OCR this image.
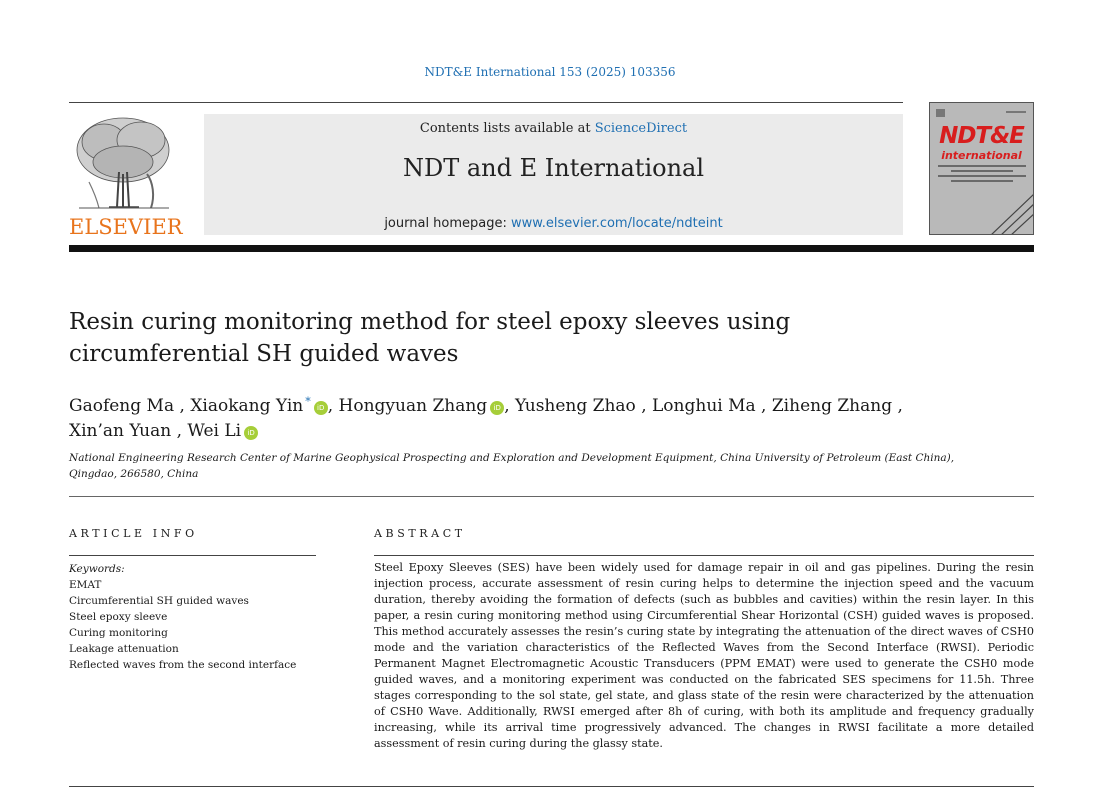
NDT&E International 153 (2025) 103356
ELSEVIER
Contents lists available at ScienceDirect
NDT and E International
journal homepage: www.elsevier.com/locate/ndteint
NDT&E
international
Resin curing monitoring method for steel epoxy sleeves using
circumferential SH guided waves
Gaofeng Ma , Xiaokang Yin * iD , Hongyuan Zhang iD , Yusheng Zhao , Longhui Ma , Ziheng Zhang ,
Xin’an Yuan , Wei Li iD
National Engineering Research Center of Marine Geophysical Prospecting and Exploration and Development Equipment, China University of Petroleum (East China),
Qingdao, 266580, China
ARTICLE INFO
Keywords:
EMAT
Circumferential SH guided waves
Steel epoxy sleeve
Curing monitoring
Leakage attenuation
Reflected waves from the second interface
ABSTRACT
Steel Epoxy Sleeves (SES) have been widely used for damage repair in oil and gas pipelines. During the resin injection process, accurate assessment of resin curing helps to determine the injection speed and the vacuum duration, thereby avoiding the formation of defects (such as bubbles and cavities) within the resin layer. In this paper, a resin curing monitoring method using Circumferential Shear Horizontal (CSH) guided waves is proposed. This method accurately assesses the resin’s curing state by integrating the attenuation of the direct waves of CSH0 mode and the variation characteristics of the Reflected Waves from the Second Interface (RWSI). Periodic Permanent Magnet Electromagnetic Acoustic Transducers (PPM EMAT) were used to generate the CSH0 mode guided waves, and a monitoring experiment was conducted on the fabricated SES specimens for 11.5h. Three stages corresponding to the sol state, gel state, and glass state of the resin were characterized by the attenuation of CSH0 Wave. Additionally, RWSI emerged after 8h of curing, with both its amplitude and frequency gradually increasing, while its arrival time progressively advanced. The changes in RWSI facilitate a more detailed assessment of resin curing during the glassy state.
